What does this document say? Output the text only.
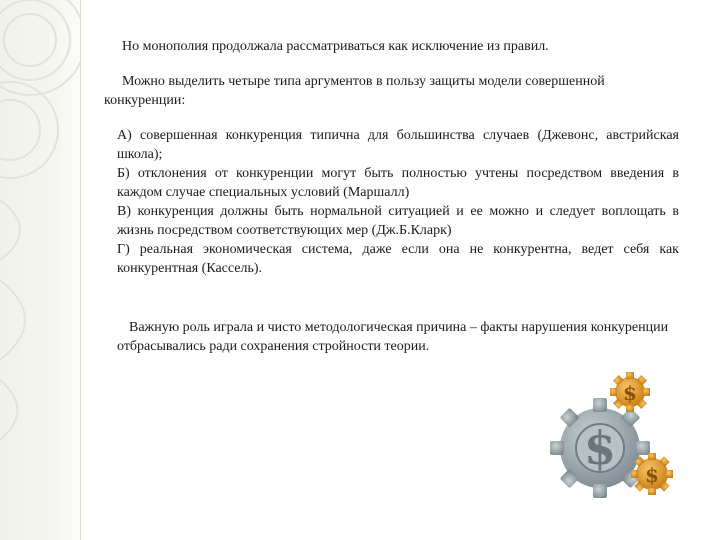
Но монополия продолжала рассматриваться как исключение из правил.
Можно выделить четыре типа аргументов в пользу защиты модели совершенной конкуренции:

А) совершенная конкуренция типична для большинства случаев (Джевонс, австрийская школа);

Б) отклонения от конкуренции могут быть полностью учтены посредством введения в каждом случае специальных условий (Маршалл)

В) конкуренция должны быть нормальной ситуацией и ее можно и следует воплощать в жизнь посредством соответствующих мер (Дж.Б.Кларк)

Г) реальная экономическая система, даже если она не конкурентна, ведет себя как конкурентная (Кассель).

Важную роль играла и чисто методологическая причина – факты нарушения конкуренции отбрасывались ради сохранения стройности теории.
$
$
$
